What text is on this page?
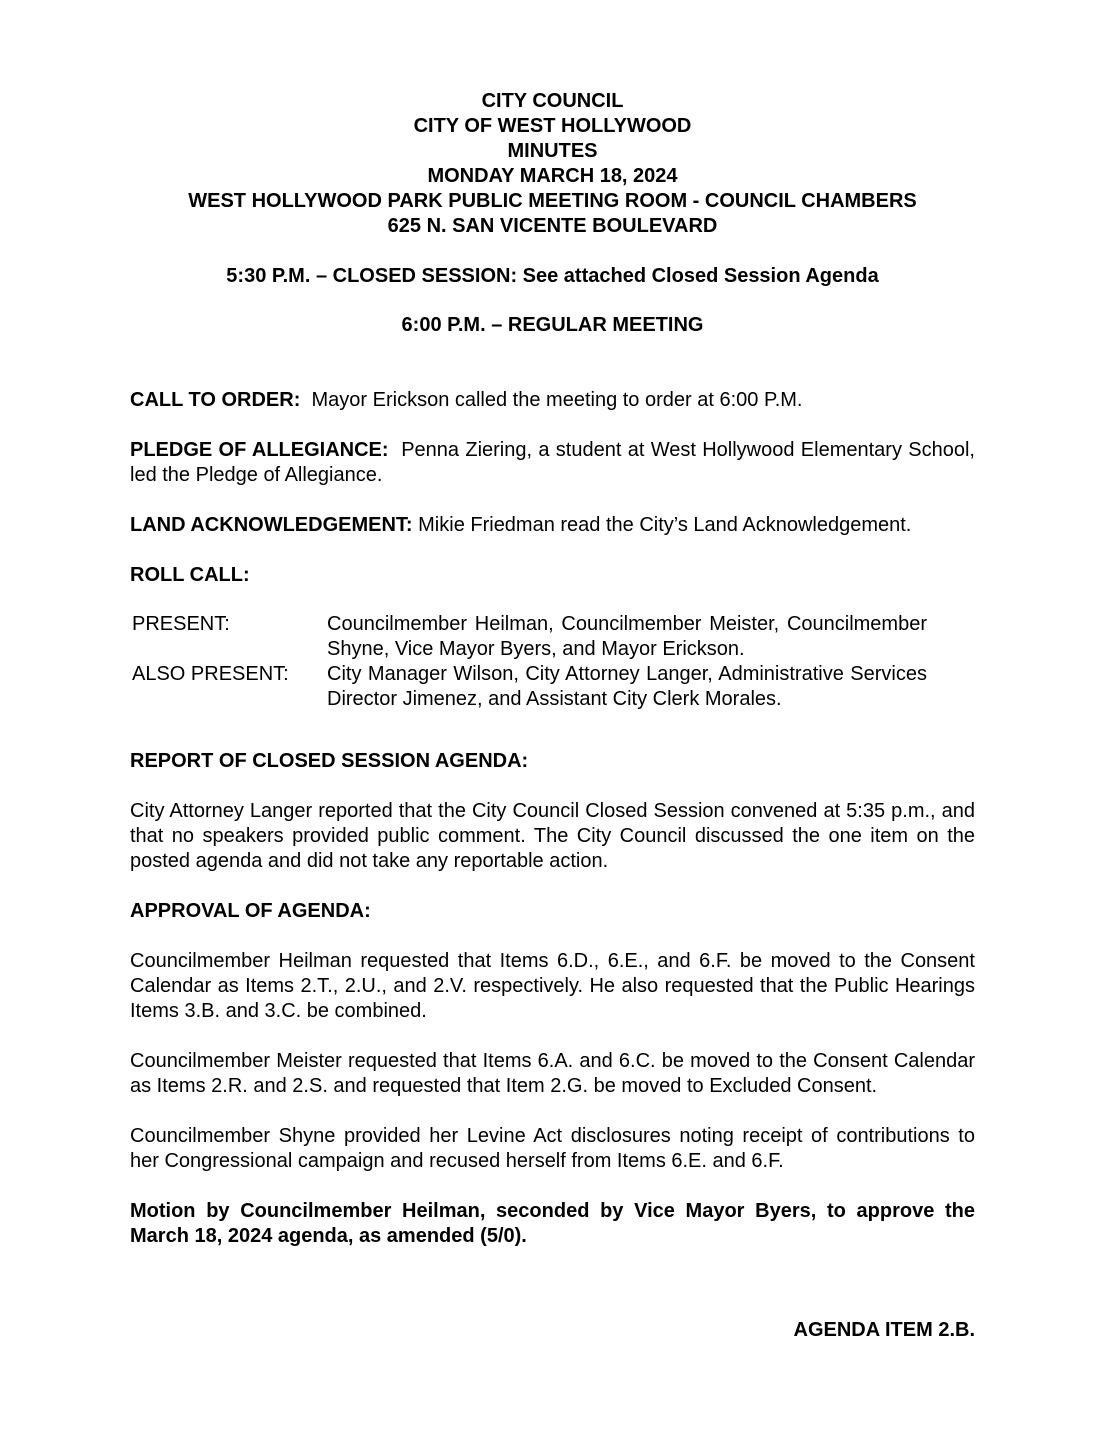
CITY COUNCIL
CITY OF WEST HOLLYWOOD
MINUTES
MONDAY MARCH 18, 2024
WEST HOLLYWOOD PARK PUBLIC MEETING ROOM - COUNCIL CHAMBERS
625 N. SAN VICENTE BOULEVARD
5:30 P.M. – CLOSED SESSION: See attached Closed Session Agenda
6:00 P.M. – REGULAR MEETING

CALL TO ORDER: Mayor Erickson called the meeting to order at 6:00 P.M.

PLEDGE OF ALLEGIANCE: Penna Ziering, a student at West Hollywood Elementary School, led the Pledge of Allegiance.

LAND ACKNOWLEDGEMENT: Mikie Friedman read the City’s Land Acknowledgement.

ROLL CALL:

PRESENT:	Councilmember Heilman, Councilmember Meister, Councilmember Shyne, Vice Mayor Byers, and Mayor Erickson.
ALSO PRESENT:	City Manager Wilson, City Attorney Langer, Administrative Services Director Jimenez, and Assistant City Clerk Morales.

REPORT OF CLOSED SESSION AGENDA:

City Attorney Langer reported that the City Council Closed Session convened at 5:35 p.m., and that no speakers provided public comment. The City Council discussed the one item on the posted agenda and did not take any reportable action.

APPROVAL OF AGENDA:

Councilmember Heilman requested that Items 6.D., 6.E., and 6.F. be moved to the Consent Calendar as Items 2.T., 2.U., and 2.V. respectively. He also requested that the Public Hearings Items 3.B. and 3.C. be combined.

Councilmember Meister requested that Items 6.A. and 6.C. be moved to the Consent Calendar as Items 2.R. and 2.S. and requested that Item 2.G. be moved to Excluded Consent.

Councilmember Shyne provided her Levine Act disclosures noting receipt of contributions to her Congressional campaign and recused herself from Items 6.E. and 6.F.

Motion by Councilmember Heilman, seconded by Vice Mayor Byers, to approve the March 18, 2024 agenda, as amended (5/0).

AGENDA ITEM 2.B.
